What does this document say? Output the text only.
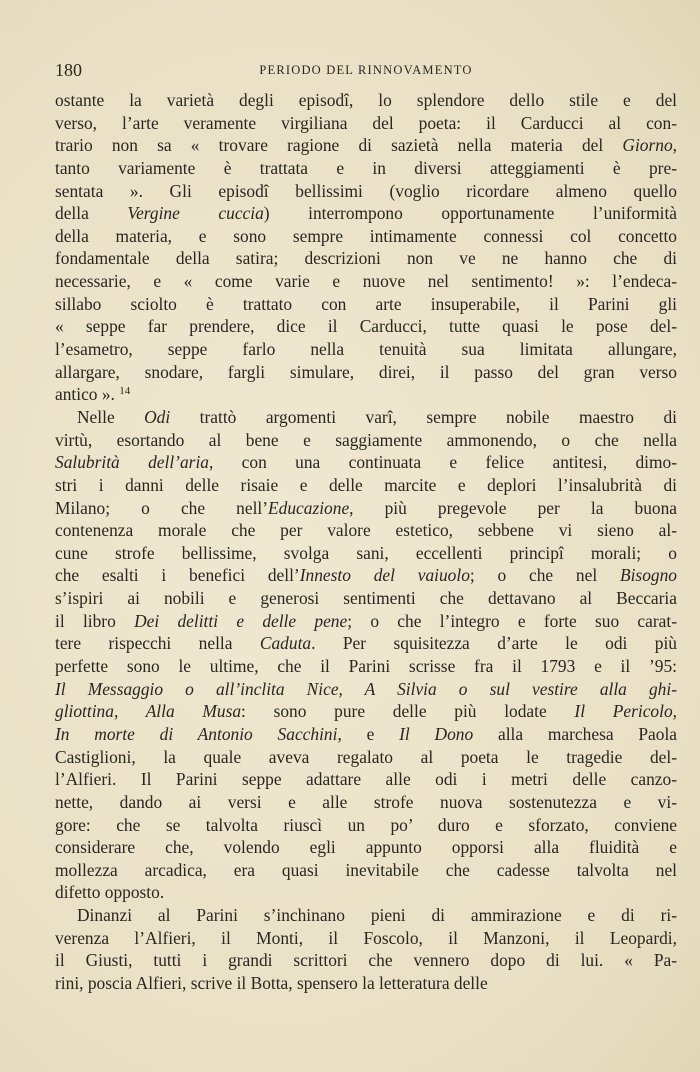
180	PERIODO DEL RINNOVAMENTO
ostante la varietà degli episodî, lo splendore dello stile e del
verso, l’arte veramente virgiliana del poeta: il Carducci al con-
trario non sa « trovare ragione di sazietà nella materia del Giorno,
tanto variamente è trattata e in diversi atteggiamenti è pre-
sentata ». Gli episodî bellissimi (voglio ricordare almeno quello
della Vergine cuccia) interrompono opportunamente l’uniformità
della materia, e sono sempre intimamente connessi col concetto
fondamentale della satira; descrizioni non ve ne hanno che di
necessarie, e « come varie e nuove nel sentimento! »: l’endeca-
sillabo sciolto è trattato con arte insuperabile, il Parini gli
« seppe far prendere, dice il Carducci, tutte quasi le pose del-
l’esametro, seppe farlo nella tenuità sua limitata allungare,
allargare, snodare, fargli simulare, direi, il passo del gran verso
antico ». $^{14}$
Nelle Odi trattò argomenti varî, sempre nobile maestro di
virtù, esortando al bene e saggiamente ammonendo, o che nella
Salubrità dell’aria, con una continuata e felice antitesi, dimo-
stri i danni delle risaie e delle marcite e deplori l’insalubrità di
Milano; o che nell’Educazione, più pregevole per la buona
contenenza morale che per valore estetico, sebbene vi sieno al-
cune strofe bellissime, svolga sani, eccellenti principî morali; o
che esalti i benefici dell’Innesto del vaiuolo; o che nel Bisogno
s’ispiri ai nobili e generosi sentimenti che dettavano al Beccaria
il libro Dei delitti e delle pene; o che l’integro e forte suo carat-
tere rispecchi nella Caduta. Per squisitezza d’arte le odi più
perfette sono le ultime, che il Parini scrisse fra il 1793 e il ’95:
Il Messaggio o all’inclita Nice, A Silvia o sul vestire alla ghi-
gliottina, Alla Musa: sono pure delle più lodate Il Pericolo,
In morte di Antonio Sacchini, e Il Dono alla marchesa Paola
Castiglioni, la quale aveva regalato al poeta le tragedie del-
l’Alfieri. Il Parini seppe adattare alle odi i metri delle canzo-
nette, dando ai versi e alle strofe nuova sostenutezza e vi-
gore: che se talvolta riuscì un po’ duro e sforzato, conviene
considerare che, volendo egli appunto opporsi alla fluidità e
mollezza arcadica, era quasi inevitabile che cadesse talvolta nel
difetto opposto.
Dinanzi al Parini s’inchinano pieni di ammirazione e di ri-
verenza l’Alfieri, il Monti, il Foscolo, il Manzoni, il Leopardi,
il Giusti, tutti i grandi scrittori che vennero dopo di lui. « Pa-
rini, poscia Alfieri, scrive il Botta, spensero la letteratura delle
